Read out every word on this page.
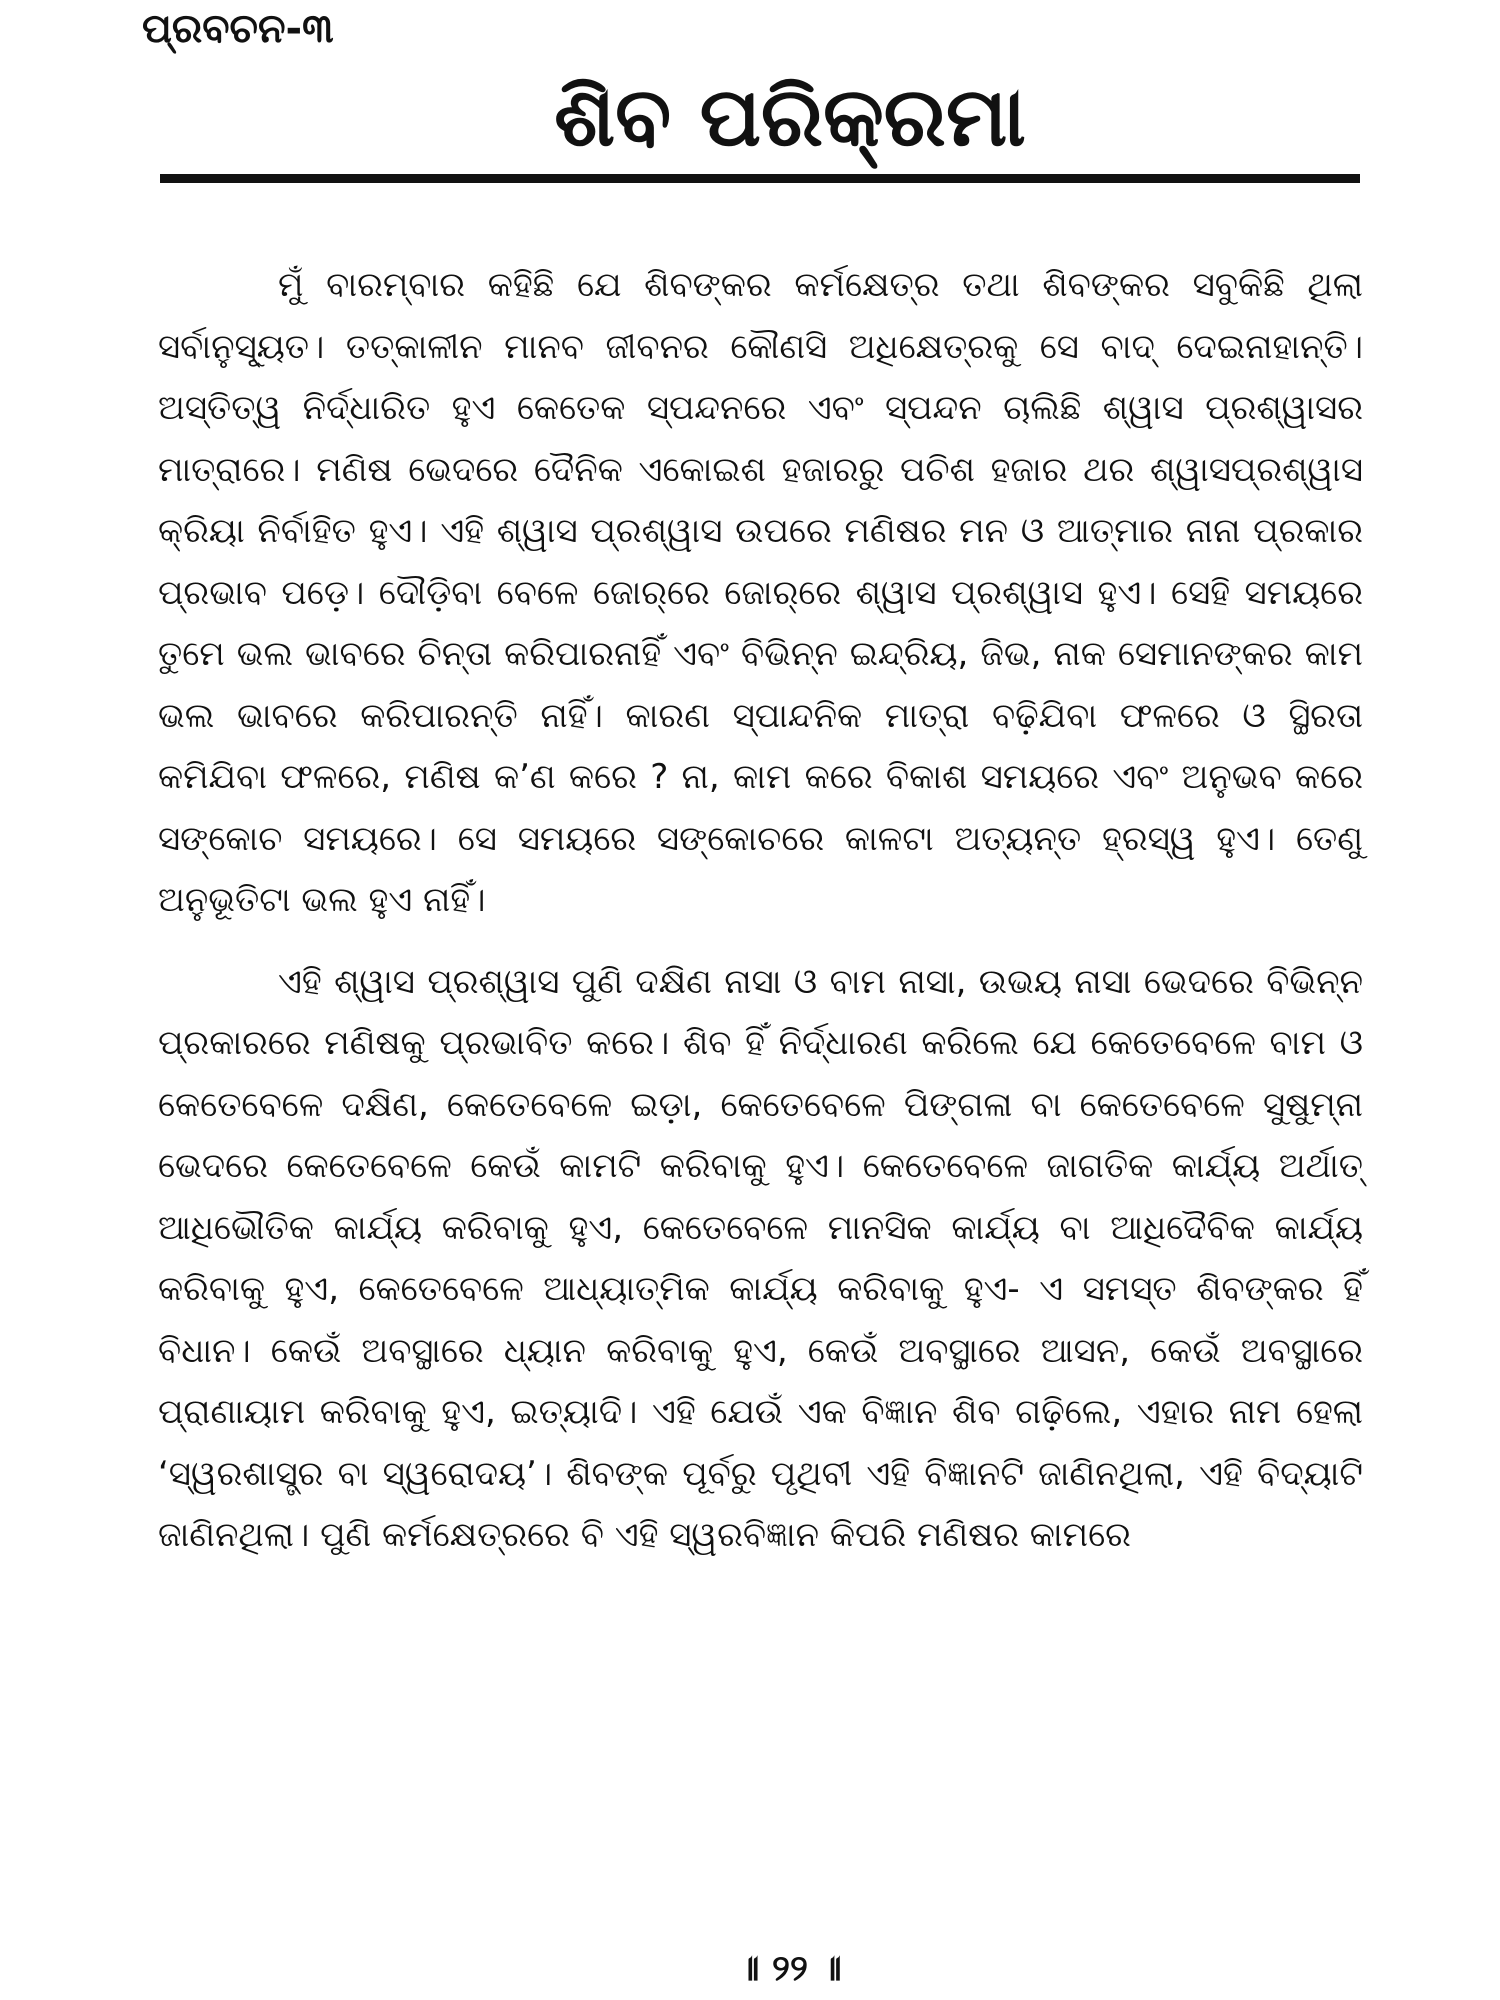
ପ୍ରବଚନ-୩
ଶିବ ପରିକ୍ରମା

ମୁଁ ବାରମ୍ବାର କହିଛି ଯେ ଶିବଙ୍କର କର୍ମକ୍ଷେତ୍ର ତଥା ଶିବଙ୍କର ସବୁକିଛି ଥିଲା ସର୍ବାନୁସ୍ୟୂତ। ତତ୍‌କାଳୀନ ମାନବ ଜୀବନର କୌଣସି ଅଧିକ୍ଷେତ୍ରକୁ ସେ ବାଦ୍ ଦେଇନାହାନ୍ତି। ଅସ୍ତିତ୍ୱ ନିର୍ଦ୍ଧାରିତ ହୁଏ କେତେକ ସ୍ପନ୍ଦନରେ ଏବଂ ସ୍ପନ୍ଦନ ଚାଲିଛି ଶ୍ୱାସ ପ୍ରଶ୍ୱାସର ମାତ୍ରାରେ। ମଣିଷ ଭେଦରେ ଦୈନିକ ଏକୋଇଶ ହଜାରରୁ ପଚିଶ ହଜାର ଥର ଶ୍ୱାସପ୍ରଶ୍ୱାସ କ୍ରିୟା ନିର୍ବାହିତ ହୁଏ। ଏହି ଶ୍ୱାସ ପ୍ରଶ୍ୱାସ ଉପରେ ମଣିଷର ମନ ଓ ଆତ୍ମାର ନାନା ପ୍ରକାର ପ୍ରଭାବ ପଡ଼େ। ଦୌଡ଼ିବା ବେଳେ ଜୋର୍‌ରେ ଜୋର୍‌ରେ ଶ୍ୱାସ ପ୍ରଶ୍ୱାସ ହୁଏ। ସେହି ସମୟରେ ତୁମେ ଭଲ ଭାବରେ ଚିନ୍ତା କରିପାରନାହିଁ ଏବଂ ବିଭିନ୍ନ ଇନ୍ଦ୍ରିୟ, ଜିଭ, ନାକ ସେମାନଙ୍କର କାମ ଭଲ ଭାବରେ କରିପାରନ୍ତି ନାହିଁ। କାରଣ ସ୍ପାନ୍ଦନିକ ମାତ୍ରା ବଢ଼ିଯିବା ଫଳରେ ଓ ସ୍ଥିରତା କମିଯିବା ଫଳରେ, ମଣିଷ କ’ଣ କରେ ? ନା, କାମ କରେ ବିକାଶ ସମୟରେ ଏବଂ ଅନୁଭବ କରେ ସଙ୍କୋଚ ସମୟରେ। ସେ ସମୟରେ ସଙ୍କୋଚରେ କାଳଟା ଅତ୍ୟନ୍ତ ହ୍ରସ୍ୱ ହୁଏ। ତେଣୁ ଅନୁଭୂତିଟା ଭଲ ହୁଏ ନାହିଁ।

ଏହି ଶ୍ୱାସ ପ୍ରଶ୍ୱାସ ପୁଣି ଦକ୍ଷିଣ ନାସା ଓ ବାମ ନାସା, ଉଭୟ ନାସା ଭେଦରେ ବିଭିନ୍ନ ପ୍ରକାରରେ ମଣିଷକୁ ପ୍ରଭାବିତ କରେ। ଶିବ ହିଁ ନିର୍ଦ୍ଧାରଣ କରିଲେ ଯେ କେତେବେଳେ ବାମ ଓ କେତେବେଳେ ଦକ୍ଷିଣ, କେତେବେଳେ ଇଡ଼ା, କେତେବେଳେ ପିଙ୍ଗଳା ବା କେତେବେଳେ ସୁଷୁମ୍ନା ଭେଦରେ କେତେବେଳେ କେଉଁ କାମଟି କରିବାକୁ ହୁଏ। କେତେବେଳେ ଜାଗତିକ କାର୍ଯ୍ୟ ଅର୍ଥାତ୍ ଆଧିଭୌତିକ କାର୍ଯ୍ୟ କରିବାକୁ ହୁଏ, କେତେବେଳେ ମାନସିକ କାର୍ଯ୍ୟ ବା ଆଧିଦୈବିକ କାର୍ଯ୍ୟ କରିବାକୁ ହୁଏ, କେତେବେଳେ ଆଧ୍ୟାତ୍ମିକ କାର୍ଯ୍ୟ କରିବାକୁ ହୁଏ- ଏ ସମସ୍ତ ଶିବଙ୍କର ହିଁ ବିଧାନ। କେଉଁ ଅବସ୍ଥାରେ ଧ୍ୟାନ କରିବାକୁ ହୁଏ, କେଉଁ ଅବସ୍ଥାରେ ଆସନ, କେଉଁ ଅବସ୍ଥାରେ ପ୍ରାଣାୟାମ କରିବାକୁ ହୁଏ, ଇତ୍ୟାଦି। ଏହି ଯେଉଁ ଏକ ବିଜ୍ଞାନ ଶିବ ଗଢ଼ିଲେ, ଏହାର ନାମ ହେଲା ‘ସ୍ୱରଶାସ୍ତ୍ର ବା ସ୍ୱରୋଦୟ’। ଶିବଙ୍କ ପୂର୍ବରୁ ପୃଥିବୀ ଏହି ବିଜ୍ଞାନଟି ଜାଣିନଥିଲା, ଏହି ବିଦ୍ୟାଟି ଜାଣିନଥିଲା। ପୁଣି କର୍ମକ୍ଷେତ୍ରରେ ବି ଏହି ସ୍ୱରବିଜ୍ଞାନ କିପରି ମଣିଷର କାମରେ

॥ ୨୨ ॥
